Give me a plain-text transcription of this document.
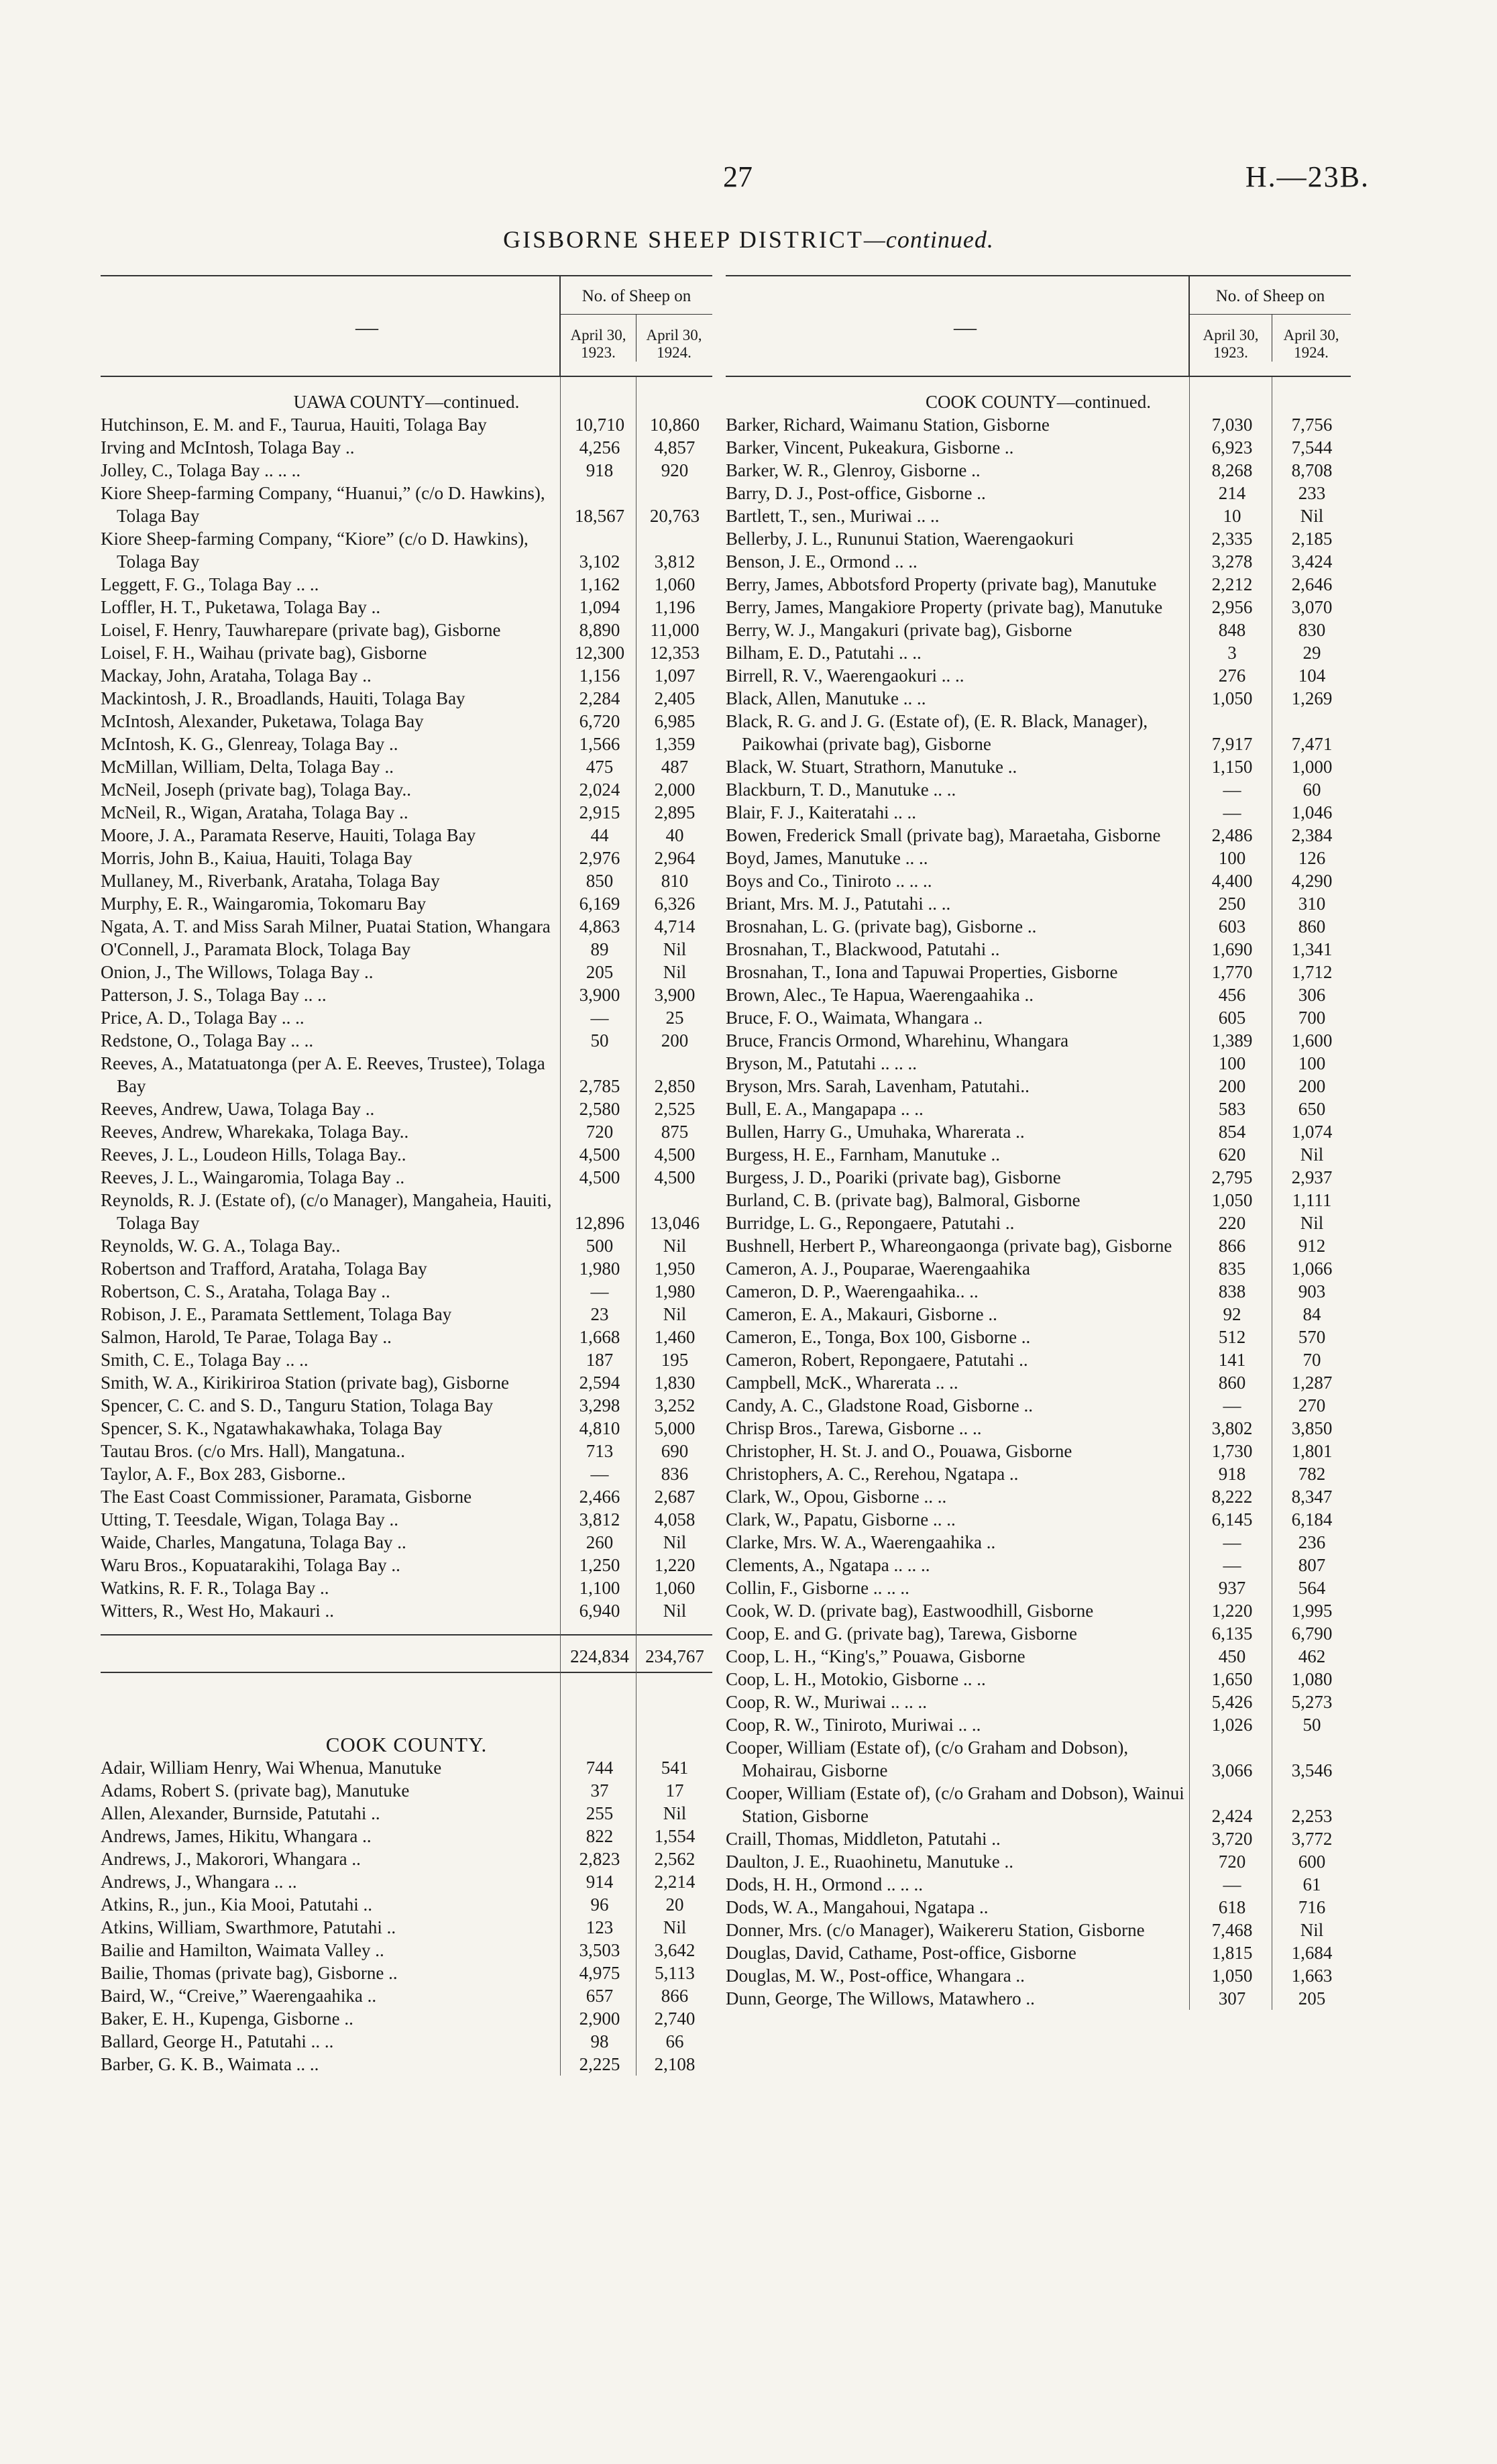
27	H.—23B.
GISBORNE SHEEP DISTRICT—continued.
—
No. of Sheep on
April 30, 1923.
April 30, 1924.
UAWA COUNTY—continued.
Hutchinson, E. M. and F., Taurua, Hauiti, Tolaga Bay	10,710	10,860
Irving and McIntosh, Tolaga Bay ..	4,256	4,857
Jolley, C., Tolaga Bay .. .. ..	918	920
Kiore Sheep-farming Company, “Huanui,” (c/o D. Hawkins), Tolaga Bay	18,567	20,763
Kiore Sheep-farming Company, “Kiore” (c/o D. Hawkins), Tolaga Bay	3,102	3,812
Leggett, F. G., Tolaga Bay .. ..	1,162	1,060
Loffler, H. T., Puketawa, Tolaga Bay ..	1,094	1,196
Loisel, F. Henry, Tauwharepare (private bag), Gisborne	8,890	11,000
Loisel, F. H., Waihau (private bag), Gisborne	12,300	12,353
Mackay, John, Arataha, Tolaga Bay ..	1,156	1,097
Mackintosh, J. R., Broadlands, Hauiti, Tolaga Bay	2,284	2,405
McIntosh, Alexander, Puketawa, Tolaga Bay	6,720	6,985
McIntosh, K. G., Glenreay, Tolaga Bay ..	1,566	1,359
McMillan, William, Delta, Tolaga Bay ..	475	487
McNeil, Joseph (private bag), Tolaga Bay..	2,024	2,000
McNeil, R., Wigan, Arataha, Tolaga Bay ..	2,915	2,895
Moore, J. A., Paramata Reserve, Hauiti, Tolaga Bay	44	40
Morris, John B., Kaiua, Hauiti, Tolaga Bay	2,976	2,964
Mullaney, M., Riverbank, Arataha, Tolaga Bay	850	810
Murphy, E. R., Waingaromia, Tokomaru Bay	6,169	6,326
Ngata, A. T. and Miss Sarah Milner, Puatai Station, Whangara	4,863	4,714
O'Connell, J., Paramata Block, Tolaga Bay	89	Nil
Onion, J., The Willows, Tolaga Bay ..	205	Nil
Patterson, J. S., Tolaga Bay .. ..	3,900	3,900
Price, A. D., Tolaga Bay .. ..	—	25
Redstone, O., Tolaga Bay .. ..	50	200
Reeves, A., Matatuatonga (per A. E. Reeves, Trustee), Tolaga Bay	2,785	2,850
Reeves, Andrew, Uawa, Tolaga Bay ..	2,580	2,525
Reeves, Andrew, Wharekaka, Tolaga Bay..	720	875
Reeves, J. L., Loudeon Hills, Tolaga Bay..	4,500	4,500
Reeves, J. L., Waingaromia, Tolaga Bay ..	4,500	4,500
Reynolds, R. J. (Estate of), (c/o Manager), Mangaheia, Hauiti, Tolaga Bay	12,896	13,046
Reynolds, W. G. A., Tolaga Bay..	500	Nil
Robertson and Trafford, Arataha, Tolaga Bay	1,980	1,950
Robertson, C. S., Arataha, Tolaga Bay ..	—	1,980
Robison, J. E., Paramata Settlement, Tolaga Bay	23	Nil
Salmon, Harold, Te Parae, Tolaga Bay ..	1,668	1,460
Smith, C. E., Tolaga Bay .. ..	187	195
Smith, W. A., Kirikiriroa Station (private bag), Gisborne	2,594	1,830
Spencer, C. C. and S. D., Tanguru Station, Tolaga Bay	3,298	3,252
Spencer, S. K., Ngatawhakawhaka, Tolaga Bay	4,810	5,000
Tautau Bros. (c/o Mrs. Hall), Mangatuna..	713	690
Taylor, A. F., Box 283, Gisborne..	—	836
The East Coast Commissioner, Paramata, Gisborne	2,466	2,687
Utting, T. Teesdale, Wigan, Tolaga Bay ..	3,812	4,058
Waide, Charles, Mangatuna, Tolaga Bay ..	260	Nil
Waru Bros., Kopuatarakihi, Tolaga Bay ..	1,250	1,220
Watkins, R. F. R., Tolaga Bay ..	1,100	1,060
Witters, R., West Ho, Makauri ..	6,940	Nil
224,834 234,767
COOK COUNTY.
Adair, William Henry, Wai Whenua, Manutuke	744	541
Adams, Robert S. (private bag), Manutuke	37	17
Allen, Alexander, Burnside, Patutahi ..	255	Nil
Andrews, James, Hikitu, Whangara ..	822	1,554
Andrews, J., Makorori, Whangara ..	2,823	2,562
Andrews, J., Whangara .. ..	914	2,214
Atkins, R., jun., Kia Mooi, Patutahi ..	96	20
Atkins, William, Swarthmore, Patutahi ..	123	Nil
Bailie and Hamilton, Waimata Valley ..	3,503	3,642
Bailie, Thomas (private bag), Gisborne ..	4,975	5,113
Baird, W., “Creive,” Waerengaahika ..	657	866
Baker, E. H., Kupenga, Gisborne ..	2,900	2,740
Ballard, George H., Patutahi .. ..	98	66
Barber, G. K. B., Waimata .. ..	2,225	2,108
—
No. of Sheep on
April 30, 1923.
April 30, 1924.
COOK COUNTY—continued.
Barker, Richard, Waimanu Station, Gisborne	7,030	7,756
Barker, Vincent, Pukeakura, Gisborne ..	6,923	7,544
Barker, W. R., Glenroy, Gisborne ..	8,268	8,708
Barry, D. J., Post-office, Gisborne ..	214	233
Bartlett, T., sen., Muriwai .. ..	10	Nil
Bellerby, J. L., Rununui Station, Waerengaokuri	2,335	2,185
Benson, J. E., Ormond .. ..	3,278	3,424
Berry, James, Abbotsford Property (private bag), Manutuke	2,212	2,646
Berry, James, Mangakiore Property (private bag), Manutuke	2,956	3,070
Berry, W. J., Mangakuri (private bag), Gisborne	848	830
Bilham, E. D., Patutahi .. ..	3	29
Birrell, R. V., Waerengaokuri .. ..	276	104
Black, Allen, Manutuke .. ..	1,050	1,269
Black, R. G. and J. G. (Estate of), (E. R. Black, Manager), Paikowhai (private bag), Gisborne	7,917	7,471
Black, W. Stuart, Strathorn, Manutuke ..	1,150	1,000
Blackburn, T. D., Manutuke .. ..	—	60
Blair, F. J., Kaiteratahi .. ..	—	1,046
Bowen, Frederick Small (private bag), Maraetaha, Gisborne	2,486	2,384
Boyd, James, Manutuke .. ..	100	126
Boys and Co., Tiniroto .. .. ..	4,400	4,290
Briant, Mrs. M. J., Patutahi .. ..	250	310
Brosnahan, L. G. (private bag), Gisborne ..	603	860
Brosnahan, T., Blackwood, Patutahi ..	1,690	1,341
Brosnahan, T., Iona and Tapuwai Properties, Gisborne	1,770	1,712
Brown, Alec., Te Hapua, Waerengaahika ..	456	306
Bruce, F. O., Waimata, Whangara ..	605	700
Bruce, Francis Ormond, Wharehinu, Whangara	1,389	1,600
Bryson, M., Patutahi .. .. ..	100	100
Bryson, Mrs. Sarah, Lavenham, Patutahi..	200	200
Bull, E. A., Mangapapa .. ..	583	650
Bullen, Harry G., Umuhaka, Wharerata ..	854	1,074
Burgess, H. E., Farnham, Manutuke ..	620	Nil
Burgess, J. D., Poariki (private bag), Gisborne	2,795	2,937
Burland, C. B. (private bag), Balmoral, Gisborne	1,050	1,111
Burridge, L. G., Repongaere, Patutahi ..	220	Nil
Bushnell, Herbert P., Whareongaonga (private bag), Gisborne	866	912
Cameron, A. J., Pouparae, Waerengaahika	835	1,066
Cameron, D. P., Waerengaahika.. ..	838	903
Cameron, E. A., Makauri, Gisborne ..	92	84
Cameron, E., Tonga, Box 100, Gisborne ..	512	570
Cameron, Robert, Repongaere, Patutahi ..	141	70
Campbell, McK., Wharerata .. ..	860	1,287
Candy, A. C., Gladstone Road, Gisborne ..	—	270
Chrisp Bros., Tarewa, Gisborne .. ..	3,802	3,850
Christopher, H. St. J. and O., Pouawa, Gisborne	1,730	1,801
Christophers, A. C., Rerehou, Ngatapa ..	918	782
Clark, W., Opou, Gisborne .. ..	8,222	8,347
Clark, W., Papatu, Gisborne .. ..	6,145	6,184
Clarke, Mrs. W. A., Waerengaahika ..	—	236
Clements, A., Ngatapa .. .. ..	—	807
Collin, F., Gisborne .. .. ..	937	564
Cook, W. D. (private bag), Eastwoodhill, Gisborne	1,220	1,995
Coop, E. and G. (private bag), Tarewa, Gisborne	6,135	6,790
Coop, L. H., “King's,” Pouawa, Gisborne	450	462
Coop, L. H., Motokio, Gisborne .. ..	1,650	1,080
Coop, R. W., Muriwai .. .. ..	5,426	5,273
Coop, R. W., Tiniroto, Muriwai .. ..	1,026	50
Cooper, William (Estate of), (c/o Graham and Dobson), Mohairau, Gisborne	3,066	3,546
Cooper, William (Estate of), (c/o Graham and Dobson), Wainui Station, Gisborne	2,424	2,253
Craill, Thomas, Middleton, Patutahi ..	3,720	3,772
Daulton, J. E., Ruaohinetu, Manutuke ..	720	600
Dods, H. H., Ormond .. .. ..	—	61
Dods, W. A., Mangahoui, Ngatapa ..	618	716
Donner, Mrs. (c/o Manager), Waikereru Station, Gisborne	7,468	Nil
Douglas, David, Cathame, Post-office, Gisborne	1,815	1,684
Douglas, M. W., Post-office, Whangara ..	1,050	1,663
Dunn, George, The Willows, Matawhero ..	307	205
